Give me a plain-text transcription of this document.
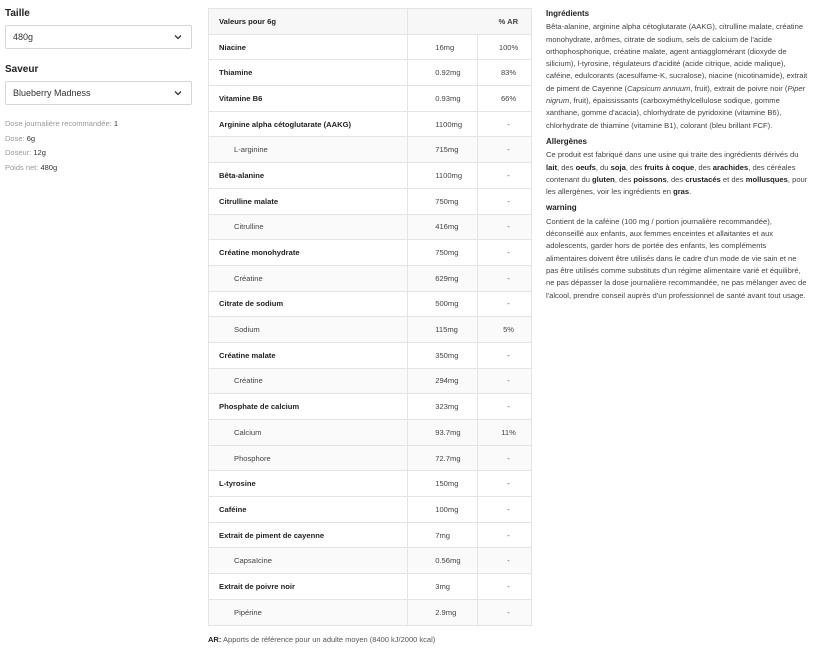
Taille
480g
Saveur
Blueberry Madness
Dose journalière recommandée: 1
Dose: 6g
Doseur: 12g
Poids net: 480g
Valeurs pour 6g		% AR
Niacine	16mg	100%
Thiamine	0.92mg	83%
Vitamine B6	0.93mg	66%
Arginine alpha cétoglutarate (AAKG)	1100mg	-
L-arginine	715mg	-
Bêta-alanine	1100mg	-
Citrulline malate	750mg	-
Citrulline	416mg	-
Créatine monohydrate	750mg	-
Créatine	629mg	-
Citrate de sodium	500mg	-
Sodium	115mg	5%
Créatine malate	350mg	-
Créatine	294mg	-
Phosphate de calcium	323mg	-
Calcium	93.7mg	11%
Phosphore	72.7mg	-
L-tyrosine	150mg	-
Caféine	100mg	-
Extrait de piment de cayenne	7mg	-
Capsaïcine	0.56mg	-
Extrait de poivre noir	3mg	-
Pipérine	2.9mg	-
AR: Apports de référence pour un adulte moyen (8400 kJ/2000 kcal)
Ingrédients

Bêta-alanine, arginine alpha cétoglutarate (AAKG), citrulline malate, créatine monohydrate, arômes, citrate de sodium, sels de calcium de l'acide orthophosphorique, créatine malate, agent antiagglomérant (dioxyde de silicium), l-tyrosine, régulateurs d'acidité (acide citrique, acide malique), caféine, edulcorants (acesulfame-K, sucralose), niacine (nicotinamide), extrait de piment de Cayenne (Capsicum annuum, fruit), extrait de poivre noir (Piper nigrum, fruit), épaississants (carboxyméthylcellulose sodique, gomme xanthane, gomme d'acacia), chlorhydrate de pyridoxine (vitamine B6), chlorhydrate de thiamine (vitamine B1), colorant (bleu brillant FCF).

Allergènes

Ce produit est fabriqué dans une usine qui traite des ingrédients dérivés du lait, des oeufs, du soja, des fruits à coque, des arachides, des céréales contenant du gluten, des poissons, des crustacés et des mollusques, pour les allergènes, voir les ingrédients en gras.

warning

Contient de la caféine (100 mg / portion journalière recommandée), déconseillé aux enfants, aux femmes enceintes et allaitantes et aux adolescents, garder hors de portée des enfants, les compléments alimentaires doivent être utilisés dans le cadre d'un mode de vie sain et ne pas être utilisés comme substituts d'un régime alimentaire varié et équilibré, ne pas dépasser la dose journalière recommandée, ne pas mélanger avec de l'alcool, prendre conseil auprès d'un professionnel de santé avant tout usage.
